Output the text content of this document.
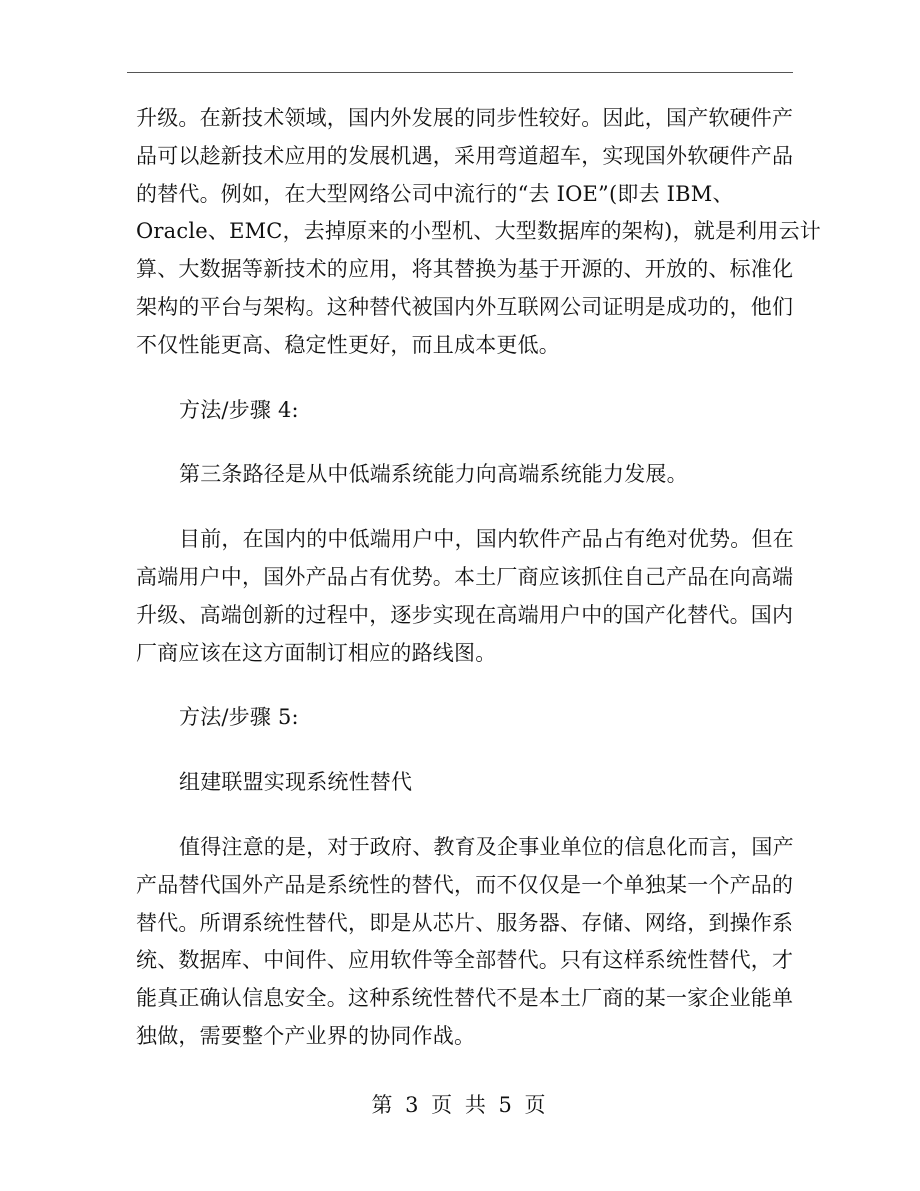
升级。在新技术领域，国内外发展的同步性较好。因此，国产软硬件产
品可以趁新技术应用的发展机遇，采用弯道超车，实现国外软硬件产品
的替代。例如，在大型网络公司中流行的“去 IOE”(即去 IBM、
Oracle、EMC，去掉原来的小型机、大型数据库的架构)，就是利用云计
算、大数据等新技术的应用，将其替换为基于开源的、开放的、标准化
架构的平台与架构。这种替代被国内外互联网公司证明是成功的，他们
不仅性能更高、稳定性更好，而且成本更低。

方法/步骤 4:

第三条路径是从中低端系统能力向高端系统能力发展。

目前，在国内的中低端用户中，国内软件产品占有绝对优势。但在
高端用户中，国外产品占有优势。本土厂商应该抓住自己产品在向高端
升级、高端创新的过程中，逐步实现在高端用户中的国产化替代。国内
厂商应该在这方面制订相应的路线图。

方法/步骤 5:

组建联盟实现系统性替代

值得注意的是，对于政府、教育及企事业单位的信息化而言，国产
产品替代国外产品是系统性的替代，而不仅仅是一个单独某一个产品的
替代。所谓系统性替代，即是从芯片、服务器、存储、网络，到操作系
统、数据库、中间件、应用软件等全部替代。只有这样系统性替代，才
能真正确认信息安全。这种系统性替代不是本土厂商的某一家企业能单
独做，需要整个产业界的协同作战。

第 3 页 共 5 页
